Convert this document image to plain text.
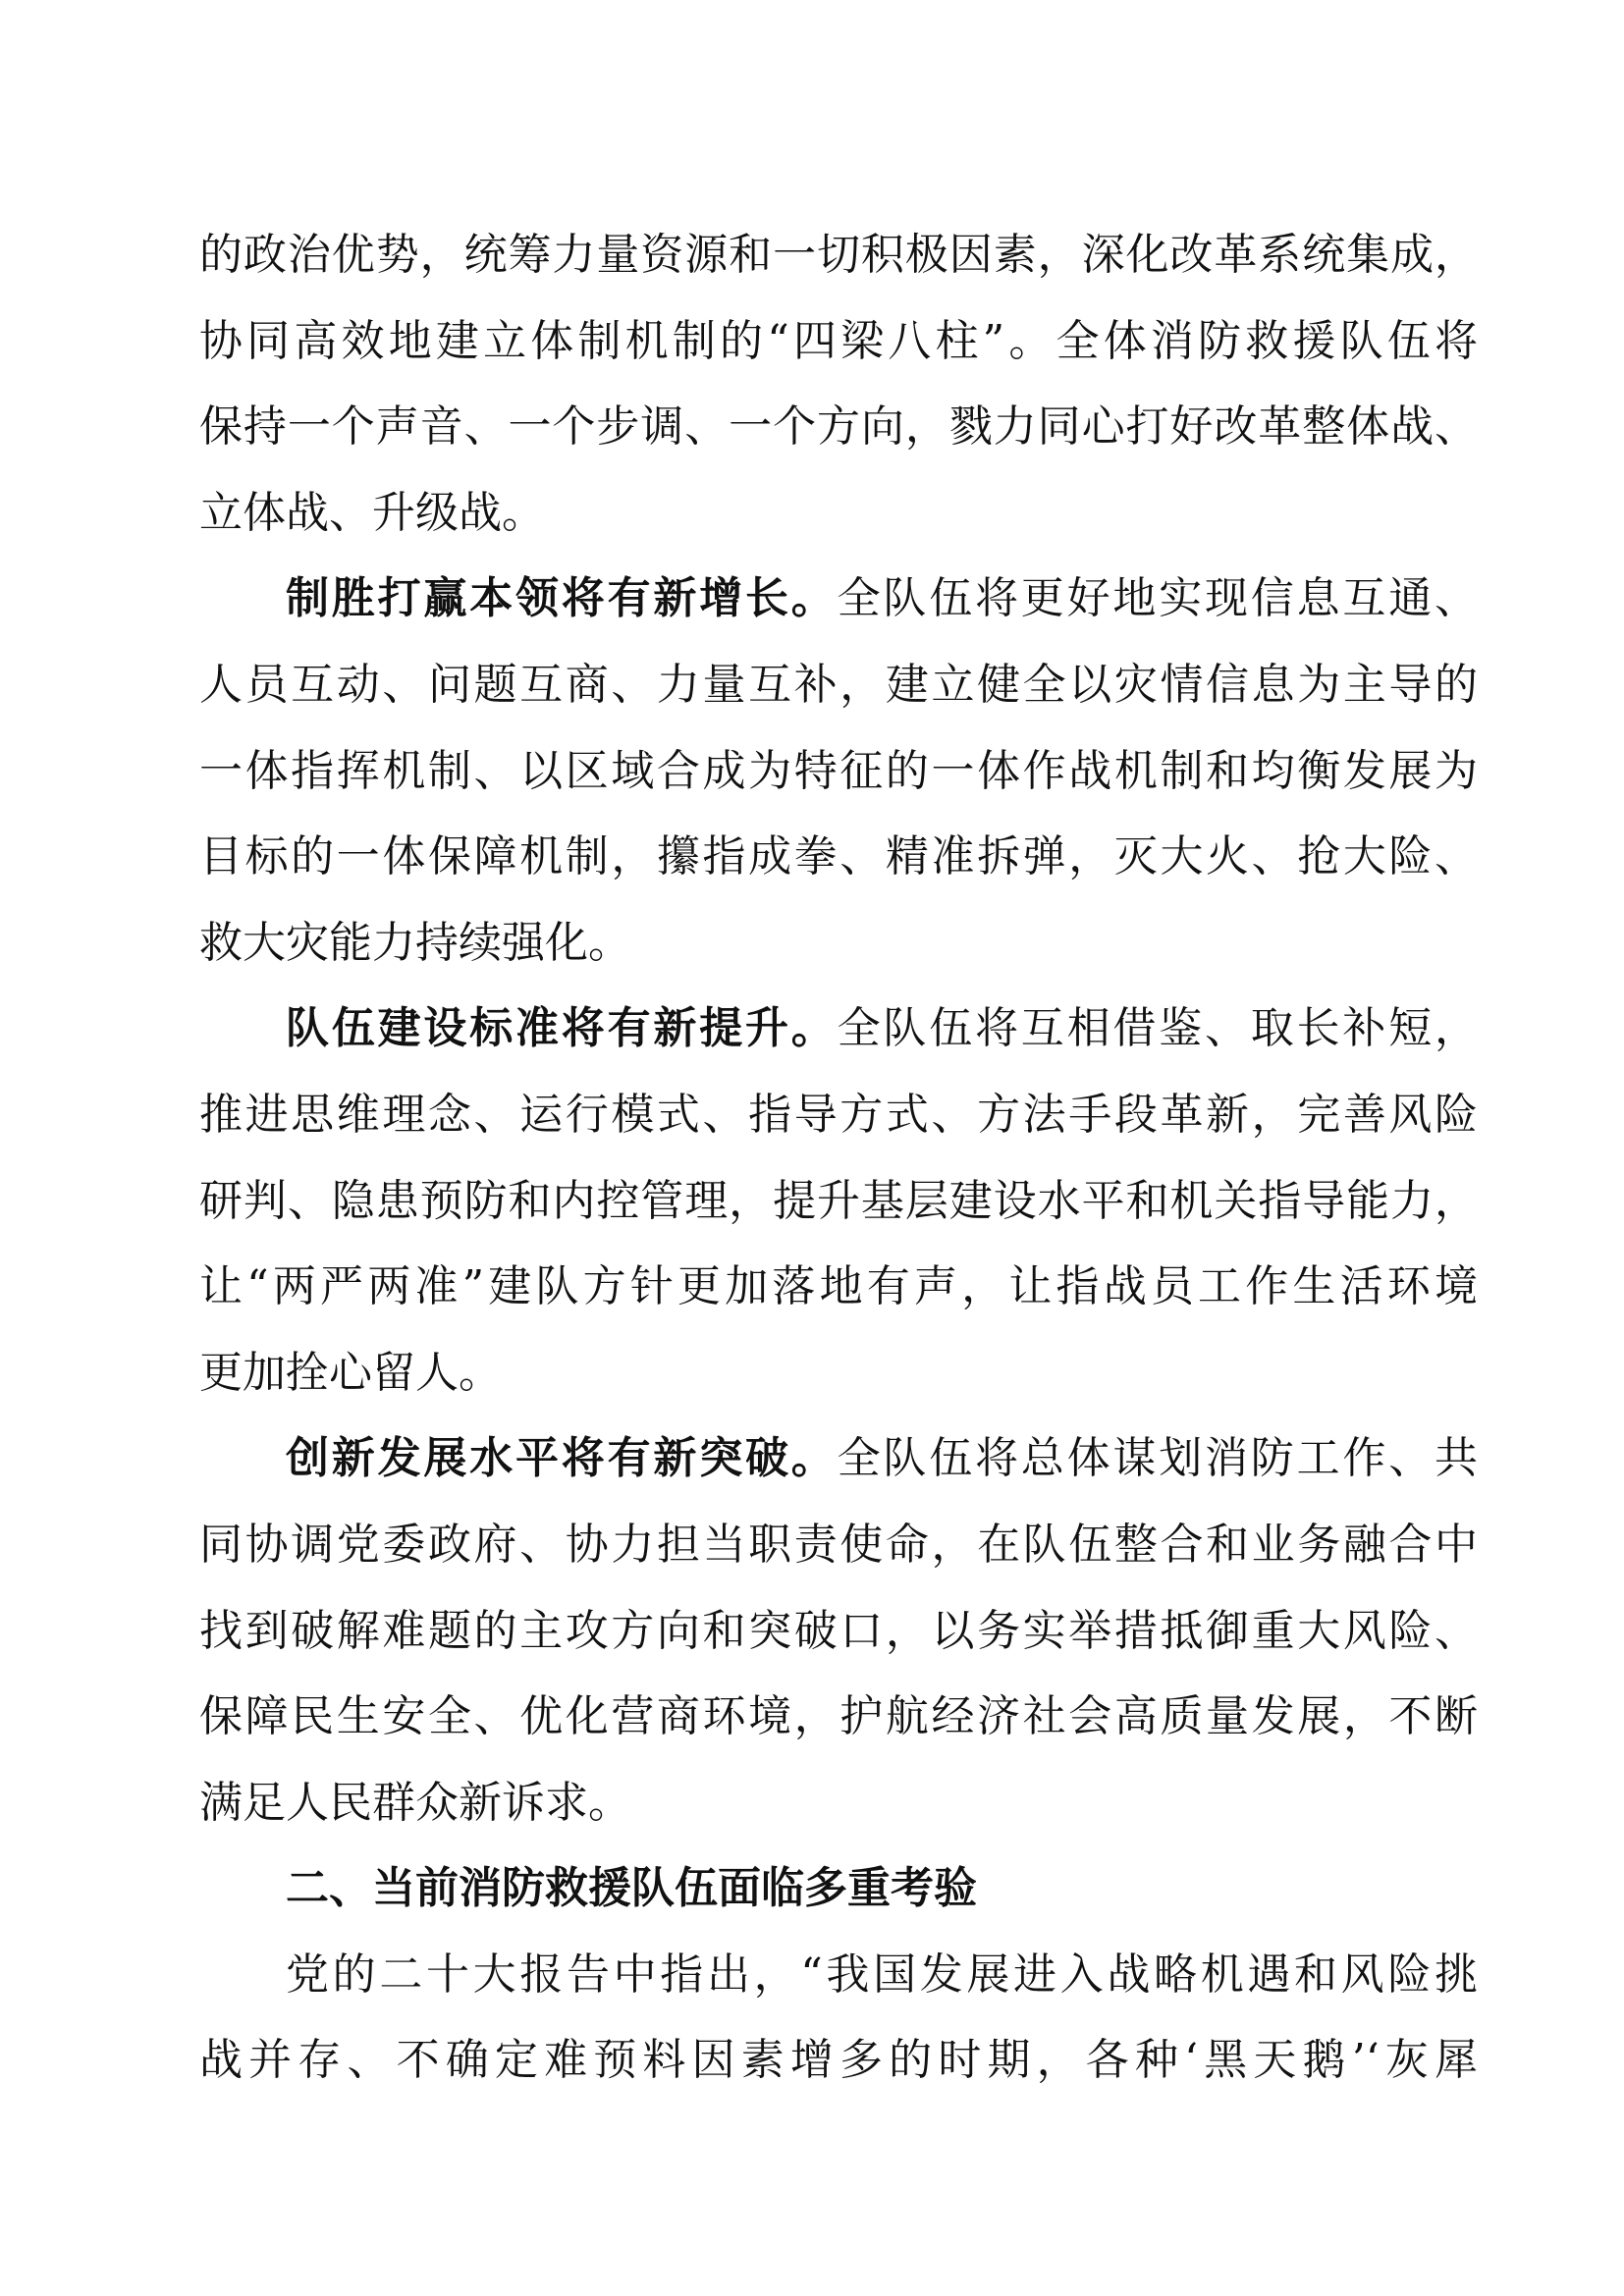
的政治优势，统筹力量资源和一切积极因素，深化改革系统集成，
协同高效地建立体制机制的“四梁八柱”。全体消防救援队伍将
保持一个声音、一个步调、一个方向，戮力同心打好改革整体战、
立体战、升级战。
制胜打赢本领将有新增长。全队伍将更好地实现信息互通、
人员互动、问题互商、力量互补，建立健全以灾情信息为主导的
一体指挥机制、以区域合成为特征的一体作战机制和均衡发展为
目标的一体保障机制，攥指成拳、精准拆弹，灭大火、抢大险、
救大灾能力持续强化。
队伍建设标准将有新提升。全队伍将互相借鉴、取长补短，
推进思维理念、运行模式、指导方式、方法手段革新，完善风险
研判、隐患预防和内控管理，提升基层建设水平和机关指导能力，
让“两严两准”建队方针更加落地有声，让指战员工作生活环境
更加拴心留人。
创新发展水平将有新突破。全队伍将总体谋划消防工作、共
同协调党委政府、协力担当职责使命，在队伍整合和业务融合中
找到破解难题的主攻方向和突破口，以务实举措抵御重大风险、
保障民生安全、优化营商环境，护航经济社会高质量发展，不断
满足人民群众新诉求。
二、当前消防救援队伍面临多重考验
党的二十大报告中指出，“我国发展进入战略机遇和风险挑
战并存、不确定难预料因素增多的时期，各种‘黑天鹅’‘灰犀
